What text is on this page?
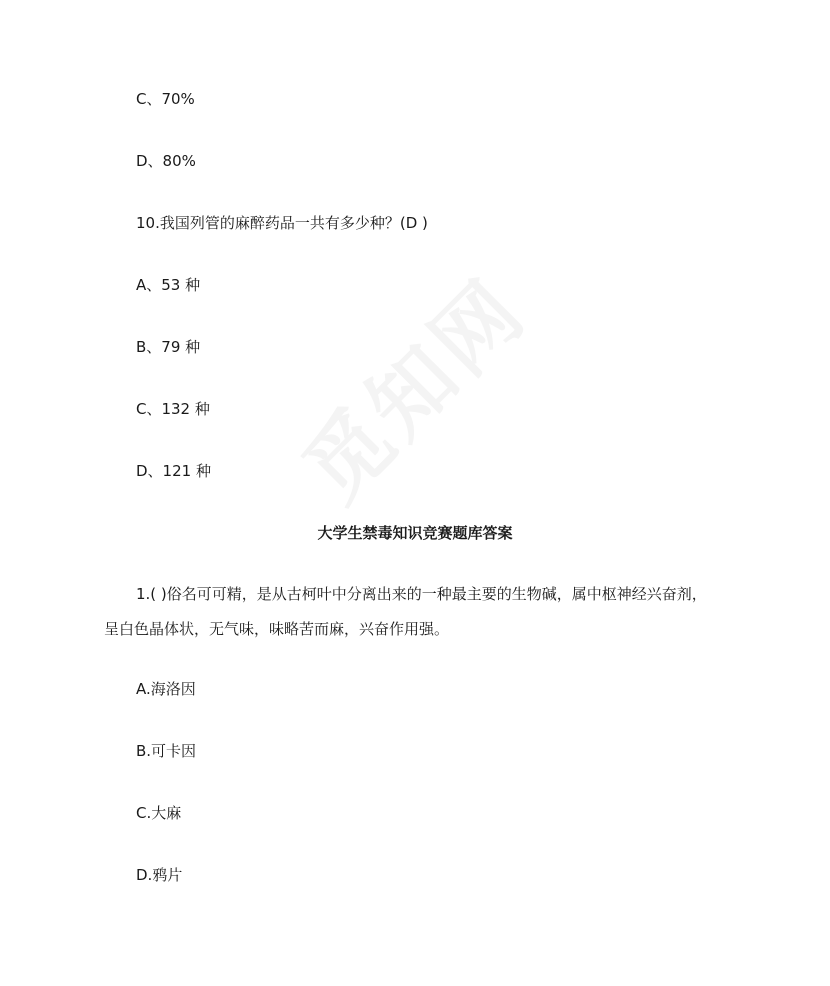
C、70%
D、80%
10.我国列管的麻醉药品一共有多少种？(D )
A、53 种
B、79 种
C、132 种
D、121 种
大学生禁毒知识竞赛题库答案
1.( )俗名可可精，是从古柯叶中分离出来的一种最主要的生物碱，属中枢神经兴奋剂，
呈白色晶体状，无气味，味略苦而麻，兴奋作用强。
A.海洛因
B.可卡因
C.大麻
D.鸦片
